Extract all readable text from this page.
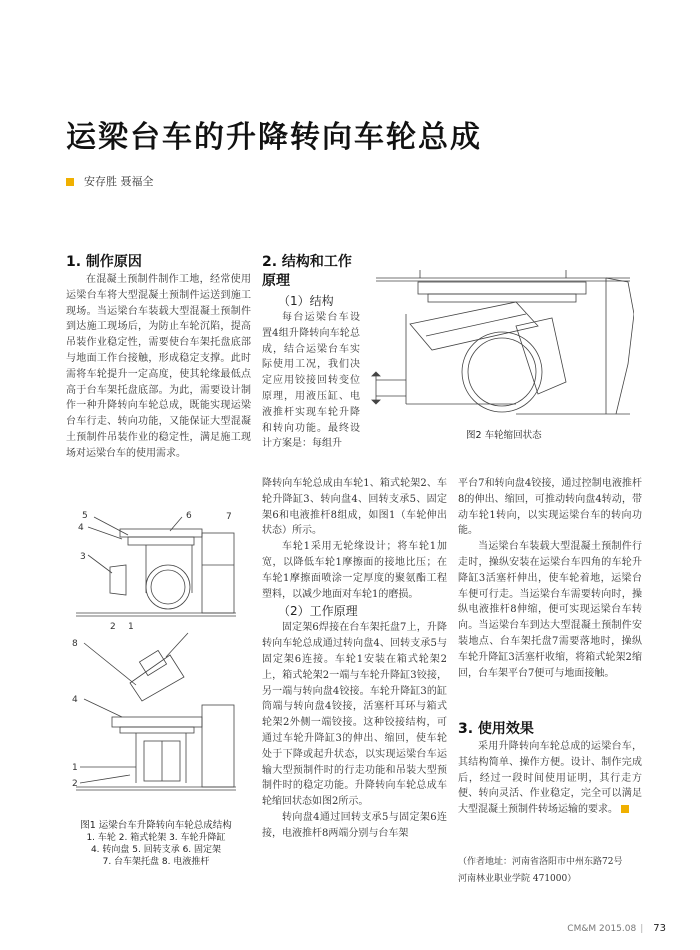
运梁台车的升降转向车轮总成
安存胜 聂福全
1. 制作原因

在混凝土预制件制作工地，经常使用运梁台车将大型混凝土预制件运送到施工现场。当运梁台车装载大型混凝土预制件到达施工现场后，为防止车轮沉陷，提高吊装作业稳定性，需要使台车架托盘底部与地面工作台接触，形成稳定支撑。此时需将车轮提升一定高度，使其轮缘最低点高于台车架托盘底部。为此，需要设计制作一种升降转向车轮总成，既能实现运梁台车行走、转向功能，又能保证大型混凝土预制件吊装作业的稳定性，满足施工现场对运梁台车的使用需求。

5
4
6	7
3
2 1
8
4
1
2
图1 运梁台车升降转向车轮总成结构
1. 车轮 2. 箱式轮架 3. 车轮升降缸
4. 转向盘 5. 回转支承 6. 固定架
7. 台车架托盘 8. 电液推杆
2. 结构和工作
原理
（1）结构

每台运梁台车设置4组升降转向车轮总成，结合运梁台车实际使用工况，我们决定应用铰接回转变位原理，用液压缸、电液推杆实现车轮升降和转向功能。最终设计方案是：每组升

降转向车轮总成由车轮1、箱式轮架2、车轮升降缸3、转向盘4、回转支承5、固定架6和电液推杆8组成，如图1（车轮伸出状态）所示。

车轮1采用无轮缘设计；将车轮1加宽，以降低车轮1摩擦面的接地比压；在车轮1摩擦面喷涂一定厚度的聚氨酯工程塑料，以减少地面对车轮1的磨损。

（2）工作原理

固定架6焊接在台车架托盘7上，升降转向车轮总成通过转向盘4、回转支承5与固定架6连接。车轮1安装在箱式轮架2上，箱式轮架2一端与车轮升降缸3铰接，另一端与转向盘4铰接。车轮升降缸3的缸筒端与转向盘4铰接，活塞杆耳环与箱式轮架2外侧一端铰接。这种铰接结构，可通过车轮升降缸3的伸出、缩回，使车轮处于下降或起升状态，以实现运梁台车运输大型预制件时的行走功能和吊装大型预制件时的稳定功能。升降转向车轮总成车轮缩回状态如图2所示。

转向盘4通过回转支承5与固定架6连接，电液推杆8两端分别与台车架

图2 车轮缩回状态

平台7和转向盘4铰接，通过控制电液推杆8的伸出、缩回，可推动转向盘4转动，带动车轮1转向，以实现运梁台车的转向功能。

当运梁台车装载大型混凝土预制件行走时，操纵安装在运梁台车四角的车轮升降缸3活塞杆伸出，使车轮着地，运梁台车便可行走。当运梁台车需要转向时，操纵电液推杆8伸缩，便可实现运梁台车转向。当运梁台车到达大型混凝土预制件安装地点、台车架托盘7需要落地时，操纵车轮升降缸3活塞杆收缩，将箱式轮架2缩回，台车架平台7便可与地面接触。

3. 使用效果

采用升降转向车轮总成的运梁台车，其结构简单、操作方便。设计、制作完成后，经过一段时间使用证明，其行走方便、转向灵活、作业稳定，完全可以满足大型混凝土预制件转场运输的要求。

（作者地址：河南省洛阳市中州东路72号
河南林业职业学院 471000）
CM&M 2015.08 | 73
